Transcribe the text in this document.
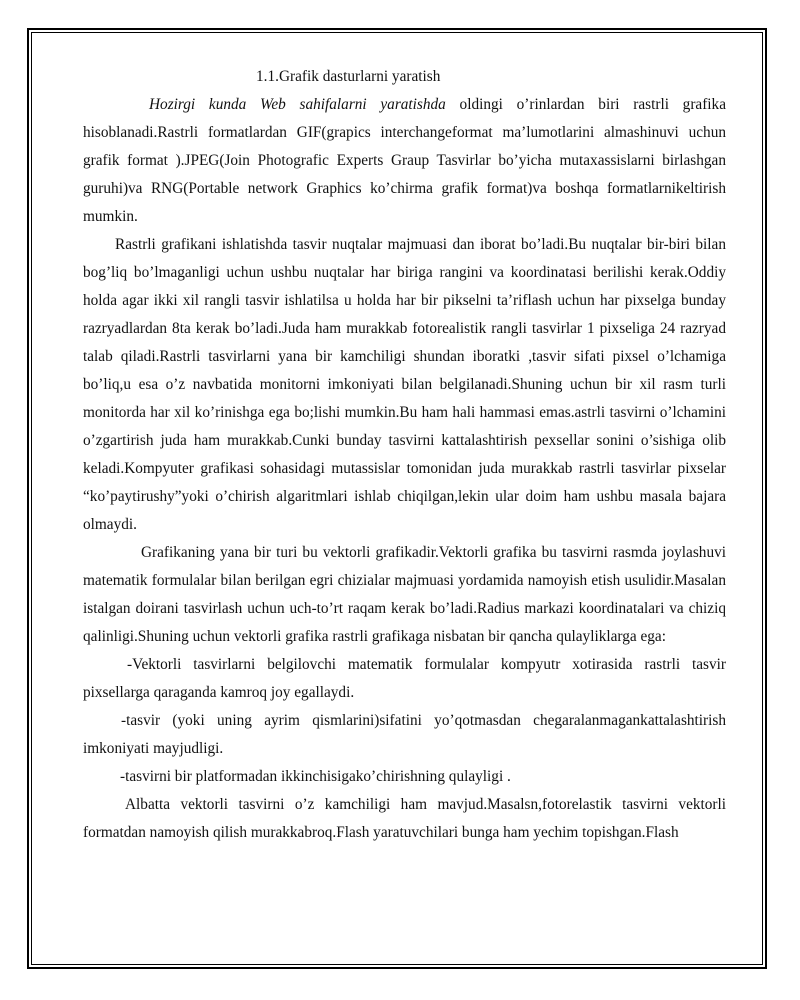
1.1.Grafik dasturlarni yaratish

Hozirgi kunda Web sahifalarni yaratishda oldingi o’rinlardan biri rastrli grafika hisoblanadi.Rastrli formatlardan GIF(grapics interchangeformat ma’lumotlarini almashinuvi uchun grafik format ).JPEG(Join Photografic Experts Graup Tasvirlar bo’yicha mutaxassislarni birlashgan guruhi)va RNG(Portable network Graphics ko’chirma grafik format)va boshqa formatlarnikeltirish mumkin.

Rastrli grafikani ishlatishda tasvir nuqtalar majmuasi dan iborat bo’ladi.Bu nuqtalar bir-biri bilan bog’liq bo’lmaganligi uchun ushbu nuqtalar har biriga rangini va koordinatasi berilishi kerak.Oddiy holda agar ikki xil rangli tasvir ishlatilsa u holda har bir pikselni ta’riflash uchun har pixselga bunday razryadlardan 8ta kerak bo’ladi.Juda ham murakkab fotorealistik rangli tasvirlar 1 pixseliga 24 razryad talab qiladi.Rastrli tasvirlarni yana bir kamchiligi shundan iboratki ,tasvir sifati pixsel o’lchamiga bo’liq,u esa o’z navbatida monitorni imkoniyati bilan belgilanadi.Shuning uchun bir xil rasm turli monitorda har xil ko’rinishga ega bo;lishi mumkin.Bu ham hali hammasi emas.astrli tasvirni o’lchamini o’zgartirish juda ham murakkab.Cunki bunday tasvirni kattalashtirish pexsellar sonini o’sishiga olib keladi.Kompyuter grafikasi sohasidagi mutassislar tomonidan juda murakkab rastrli tasvirlar pixselar “ko’paytirushy”yoki o’chirish algaritmlari ishlab chiqilgan,lekin ular doim ham ushbu masala bajara olmaydi.

Grafikaning yana bir turi bu vektorli grafikadir.Vektorli grafika bu tasvirni rasmda joylashuvi matematik formulalar bilan berilgan egri chizialar majmuasi yordamida namoyish etish usulidir.Masalan istalgan doirani tasvirlash uchun uch-to’rt raqam kerak bo’ladi.Radius markazi koordinatalari va chiziq qalinligi.Shuning uchun vektorli grafika rastrli grafikaga nisbatan bir qancha qulayliklarga ega:

-Vektorli tasvirlarni belgilovchi matematik formulalar kompyutr xotirasida rastrli tasvir pixsellarga qaraganda kamroq joy egallaydi.

-tasvir (yoki uning ayrim qismlarini)sifatini yo’qotmasdan chegaralanmagankattalashtirish imkoniyati mayjudligi.

-tasvirni bir platformadan ikkinchisigako’chirishning qulayligi .

Albatta vektorli tasvirni o’z kamchiligi ham mavjud.Masalsn,fotorelastik tasvirni vektorli formatdan namoyish qilish murakkabroq.Flash yaratuvchilari bunga ham yechim topishgan.Flash
